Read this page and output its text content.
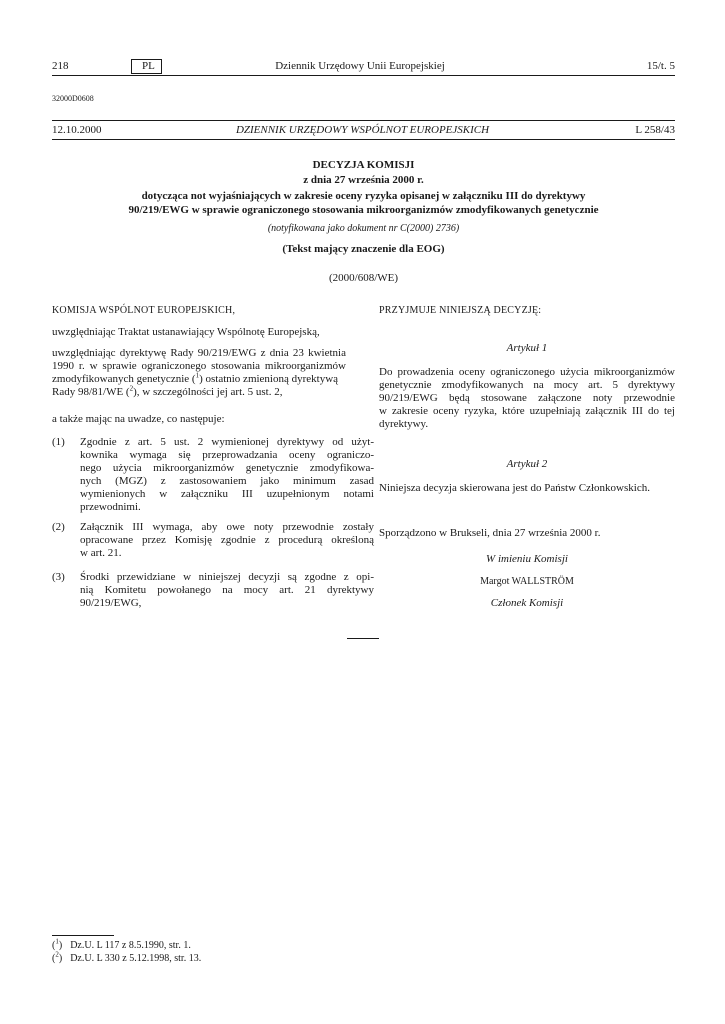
218	PL	Dziennik Urzędowy Unii Europejskiej	15/t. 5
32000D0608
12.10.2000	DZIENNIK URZĘDOWY WSPÓLNOT EUROPEJSKICH	L 258/43
DECYZJA KOMISJI
z dnia 27 września 2000 r.
dotycząca not wyjaśniających w zakresie oceny ryzyka opisanej w załączniku III do dyrektywy
90/219/EWG w sprawie ograniczonego stosowania mikroorganizmów zmodyfikowanych genetycznie
(notyfikowana jako dokument nr C(2000) 2736)
(Tekst mający znaczenie dla EOG)
(2000/608/WE)
KOMISJA WSPÓLNOT EUROPEJSKICH,
uwzględniając Traktat ustanawiający Wspólnotę Europejską,
uwzględniając dyrektywę Rady 90/219/EWG z dnia 23 kwietnia
1990 r. w sprawie ograniczonego stosowania mikroorganizmów
zmodyfikowanych genetycznie ($^1$) ostatnio zmienioną dyrektywą
Rady 98/81/WE ($^2$), w szczególności jej art. 5 ust. 2,
a także mając na uwadze, co następuje:
(1) Zgodnie z art. 5 ust. 2 wymienionej dyrektywy od użyt-
kownika wymaga się przeprowadzania oceny ograniczo-
nego użycia mikroorganizmów genetycznie zmodyfikowa-
nych (MGZ) z zastosowaniem jako minimum zasad
wymienionych w załączniku III uzupełnionym notami
przewodnimi.
(2) Załącznik III wymaga, aby owe noty przewodnie zostały
opracowane przez Komisję zgodnie z procedurą określoną
w art. 21.
(3) Środki przewidziane w niniejszej decyzji są zgodne z opi-
nią Komitetu powołanego na mocy art. 21 dyrektywy
90/219/EWG,
PRZYJMUJE NINIEJSZĄ DECYZJĘ:
Artykuł 1
Do prowadzenia oceny ograniczonego użycia mikroorganizmów
genetycznie zmodyfikowanych na mocy art. 5 dyrektywy
90/219/EWG będą stosowane załączone noty przewodnie
w zakresie oceny ryzyka, które uzupełniają załącznik III do tej
dyrektywy.
Artykuł 2
Niniejsza decyzja skierowana jest do Państw Członkowskich.
Sporządzono w Brukseli, dnia 27 września 2000 r.
W imieniu Komisji
Margot WALLSTRÖM
Członek Komisji
($^1$) Dz.U. L 117 z 8.5.1990, str. 1.
($^2$) Dz.U. L 330 z 5.12.1998, str. 13.
